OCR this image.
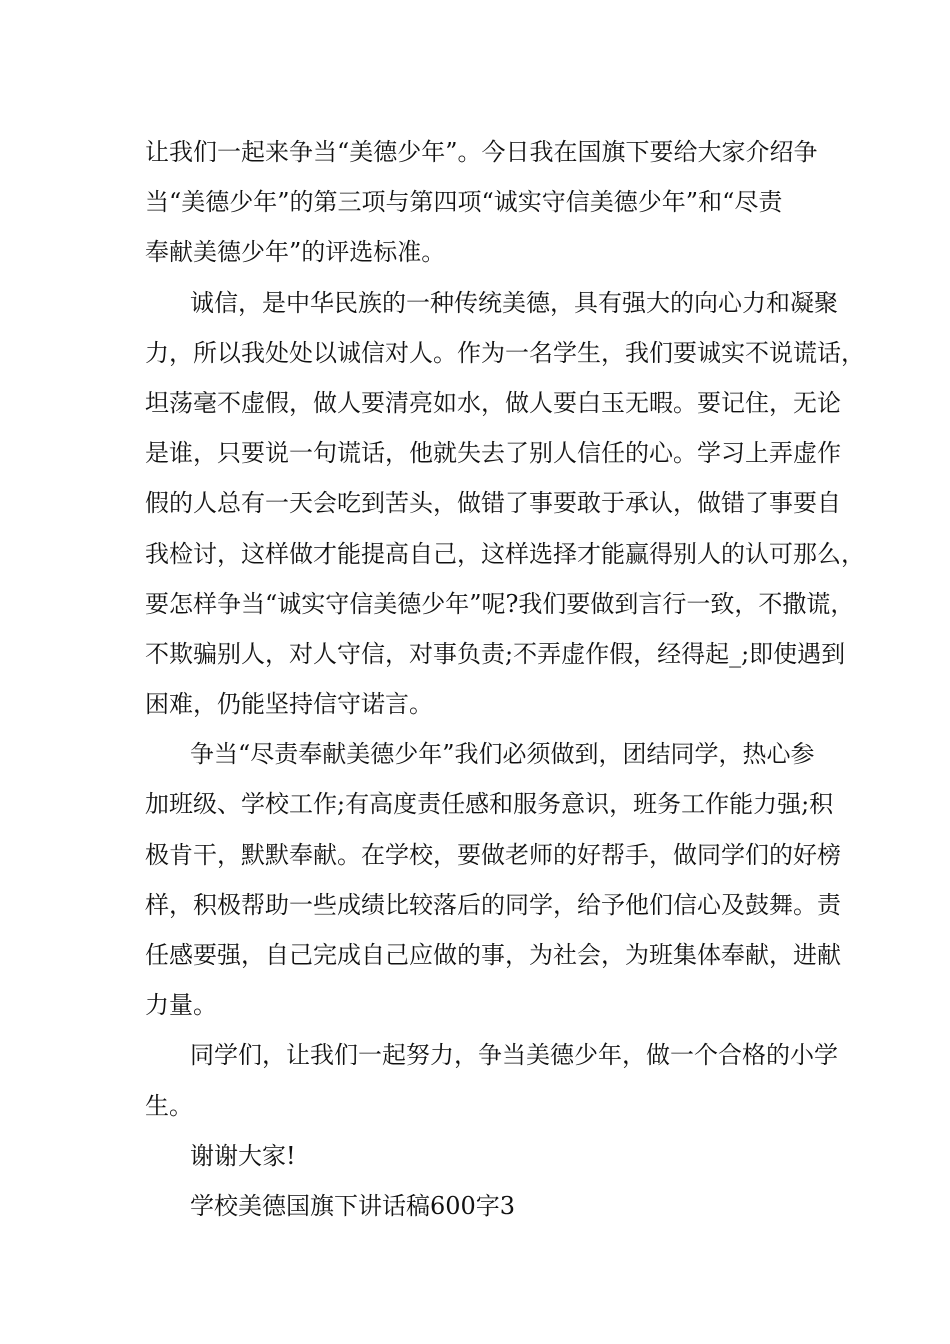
让我们一起来争当“美德少年”。今日我在国旗下要给大家介绍争
当“美德少年”的第三项与第四项“诚实守信美德少年”和“尽责
奉献美德少年”的评选标准。
诚信，是中华民族的一种传统美德，具有强大的向心力和凝聚
力，所以我处处以诚信对人。作为一名学生，我们要诚实不说谎话，
坦荡毫不虚假，做人要清亮如水，做人要白玉无暇。要记住，无论
是谁，只要说一句谎话，他就失去了别人信任的心。学习上弄虚作
假的人总有一天会吃到苦头，做错了事要敢于承认，做错了事要自
我检讨，这样做才能提高自己，这样选择才能赢得别人的认可那么，
要怎样争当“诚实守信美德少年”呢?我们要做到言行一致，不撒谎，
不欺骗别人，对人守信，对事负责;不弄虚作假，经得起_;即使遇到
困难，仍能坚持信守诺言。
争当“尽责奉献美德少年”我们必须做到，团结同学，热心参
加班级、学校工作;有高度责任感和服务意识，班务工作能力强;积
极肯干，默默奉献。在学校，要做老师的好帮手，做同学们的好榜
样，积极帮助一些成绩比较落后的同学，给予他们信心及鼓舞。责
任感要强，自己完成自己应做的事，为社会，为班集体奉献，进献
力量。
同学们，让我们一起努力，争当美德少年，做一个合格的小学
生。
谢谢大家!
学校美德国旗下讲话稿600字3
